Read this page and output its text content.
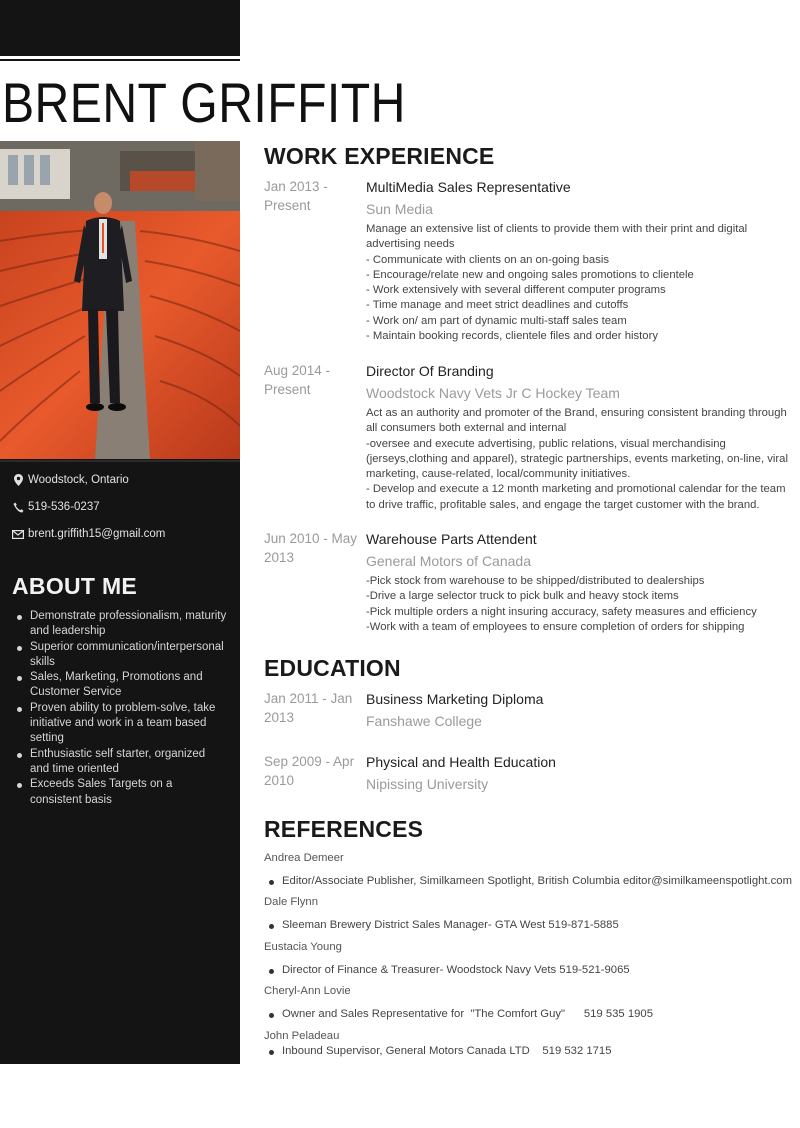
BRENT GRIFFITH
Woodstock, Ontario
519-536-0237
brent.griffith15@gmail.com
ABOUT ME
Demonstrate professionalism, maturity and leadership
Superior communication/interpersonal skills
Sales, Marketing, Promotions and Customer Service
Proven ability to problem-solve, take initiative and work in a team based setting
Enthusiastic self starter, organized and time oriented
Exceeds Sales Targets on a consistent basis
WORK EXPERIENCE
Jan 2013 - Present
MultiMedia Sales Representative
Sun Media
Manage an extensive list of clients to provide them with their print and digital advertising needs
- Communicate with clients on an on-going basis
- Encourage/relate new and ongoing sales promotions to clientele
- Work extensively with several different computer programs
- Time manage and meet strict deadlines and cutoffs
- Work on/ am part of dynamic multi-staff sales team
- Maintain booking records, clientele files and order history
Aug 2014 - Present
Director Of Branding
Woodstock Navy Vets Jr C Hockey Team
Act as an authority and promoter of the Brand, ensuring consistent branding through all consumers both external and internal
-oversee and execute advertising, public relations, visual merchandising (jerseys,clothing and apparel), strategic partnerships, events marketing, on-line, viral marketing, cause-related, local/community initiatives.
- Develop and execute a 12 month marketing and promotional calendar for the team to drive traffic, profitable sales, and engage the target customer with the brand.
Jun 2010 - May 2013
Warehouse Parts Attendent
General Motors of Canada
-Pick stock from warehouse to be shipped/distributed to dealerships
-Drive a large selector truck to pick bulk and heavy stock items
-Pick multiple orders a night insuring accuracy, safety measures and efficiency
-Work with a team of employees to ensure completion of orders for shipping
EDUCATION
Jan 2011 - Jan 2013
Business Marketing Diploma
Fanshawe College
Sep 2009 - Apr 2010
Physical and Health Education
Nipissing University
REFERENCES
Andrea Demeer
Editor/Associate Publisher, Similkameen Spotlight, British Columbia editor@similkameenspotlight.com
Dale Flynn
Sleeman Brewery District Sales Manager- GTA West 519-871-5885
Eustacia Young
Director of Finance & Treasurer- Woodstock Navy Vets 519-521-9065
Cheryl-Ann Lovie
Owner and Sales Representative for  "The Comfort Guy"      519 535 1905
John Peladeau
Inbound Supervisor, General Motors Canada LTD    519 532 1715
